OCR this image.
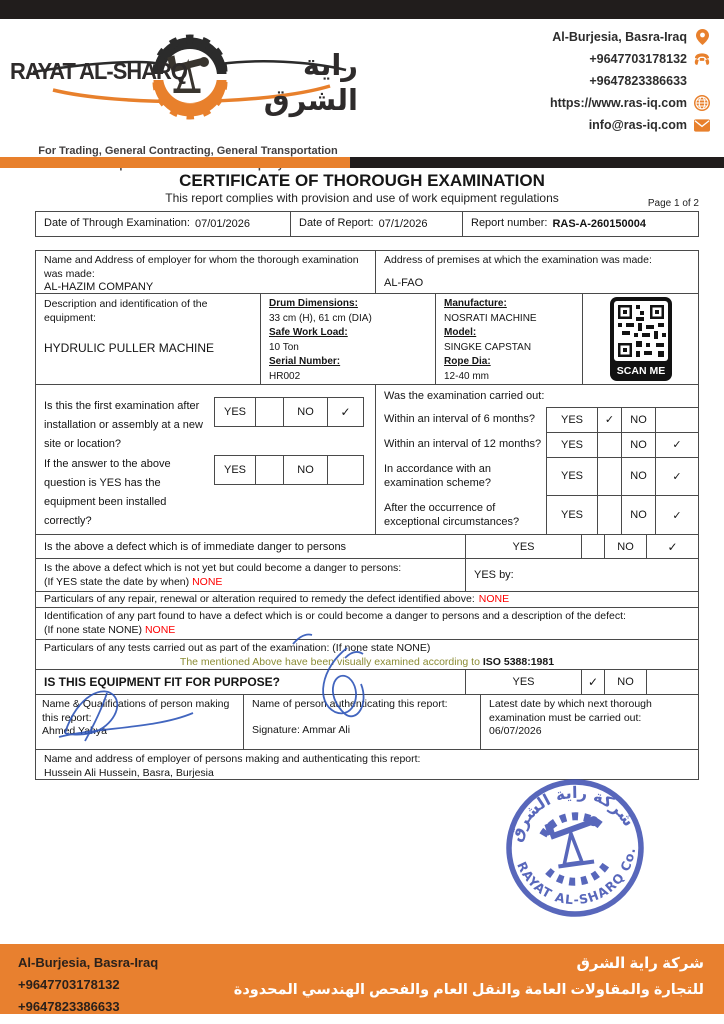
RAYAT AL-SHARQ	راية الشرق
For Trading, General Contracting, General Transportation
Al-Burjesia, Basra-Iraq
+9647703178132
+9647823386633
https://www.ras-iq.com
info@ras-iq.com
CERTIFICATE OF THOROUGH EXAMINATION
This report complies with provision and use of work equipment regulations	Page 1 of 2
Date of Through Examination: 07/01/2026	Date of Report: 07/1/2026	Report number: RAS-A-260150004
Name and Address of employer for whom the thorough examination was made:
AL-HAZIM COMPANY
Address of premises at which the examination was made:
AL-FAO
Description and identification of the equipment:
HYDRULIC PULLER MACHINE
Drum Dimensions:
33 cm (H), 61 cm (DIA)
Safe Work Load:
10 Ton
Serial Number:
HR002
Manufacture:
NOSRATI MACHINE
Model:
SINGKE CAPSTAN
Rope Dia:
12-40 mm	SCAN ME
Is this the first examination after installation or assembly at a new site or location?
YES	NO	✓
If the answer to the above question is YES has the equipment been installed correctly?
YES	NO
Was the examination carried out:
Within an interval of 6 months?	YES	✓	NO
Within an interval of 12 months?	YES	NO	✓
In accordance with an examination scheme?
YES	NO	✓
After the occurrence of exceptional circumstances?
YES	NO	✓
Is the above a defect which is of immediate danger to persons	YES	NO	✓
Is the above a defect which is not yet but could become a danger to persons:
(If YES state the date by when) NONE
YES by:
Particulars of any repair, renewal or alteration required to remedy the defect identified above: NONE
Identification of any part found to have a defect which is or could become a danger to persons and a description of the defect:
(If none state NONE) NONE
Particulars of any tests carried out as part of the examination: (If none state NONE)
The mentioned Above have been visually examined according to ISO 5388:1981
IS THIS EQUIPMENT FIT FOR PURPOSE?	YES	✓	NO
Name & Qualifications of person making this report:
Ahmed Yahya
Name of person authenticating this report:
Signature: Ammar Ali
Latest date by which next thorough examination must be carried out:
06/07/2026
Name and address of employer of persons making and authenticating this report:
Hussein Ali Hussein, Basra, Burjesia
شركة راية الشرق
RAYAT AL-SHARQ Co.
Al-Burjesia, Basra-Iraq
+9647703178132
+9647823386633
شركة راية الشرق
للتجارة والمقاولات العامة والنقل العام والفحص الهندسي المحدودة
